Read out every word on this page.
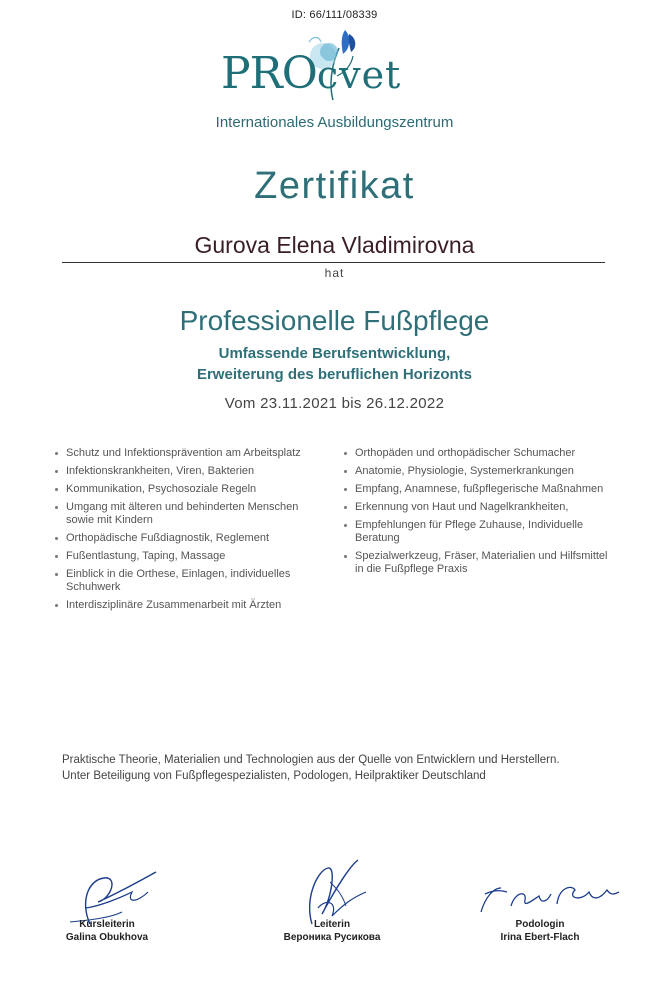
ID: 66/111/08339
PROcvet
Internationales Ausbildungszentrum
Zertifikat
Gurova Elena Vladimirovna
hat
Professionelle Fußpflege
Umfassende Berufsentwicklung,
Erweiterung des beruflichen Horizonts
Vom 23.11.2021 bis 26.12.2022
Schutz und Infektionsprävention am Arbeitsplatz
Infektionskrankheiten, Viren, Bakterien
Kommunikation, Psychosoziale Regeln
Umgang mit älteren und behinderten Menschen sowie mit Kindern
Orthopädische Fußdiagnostik, Reglement
Fußentlastung, Taping, Massage
Einblick in die Orthese, Einlagen, individuelles Schuhwerk
Interdisziplinäre Zusammenarbeit mit Ärzten
Orthopäden und orthopädischer Schumacher
Anatomie, Physiologie, Systemerkrankungen
Empfang, Anamnese, fußpflegerische Maßnahmen
Erkennung von Haut und Nagelkrankheiten,
Empfehlungen für Pflege Zuhause, Individuelle Beratung
Spezialwerkzeug, Fräser, Materialien und Hilfsmittel in die Fußpflege Praxis

Praktische Theorie, Materialien und Technologien aus der Quelle von Entwicklern und Herstellern.

Unter Beteiligung von Fußpflegespezialisten, Podologen, Heilpraktiker Deutschland

Kursleiterin
Galina Obukhova
Leiterin
Вероника Русикова
Podologin
Irina Ebert-Flach
